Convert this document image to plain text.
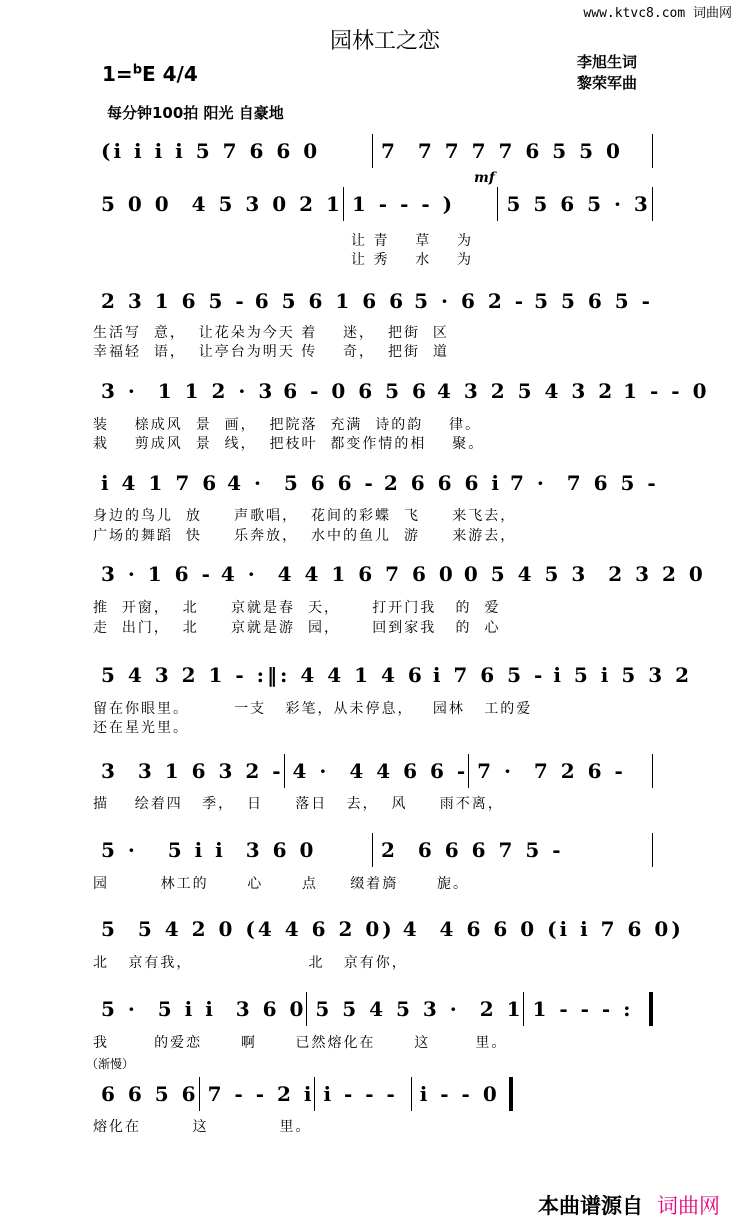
www.ktvc8.com 词曲网
园林工之恋
李旭生词
黎荣军曲
1=$^b$E 4/4
每分钟100拍 阳光 自豪地
mf
（渐慢）
(i i i i 5 7 6 6 0	7  7 7 7 7 6 5 5 0
5 0 0  4 5 3 0 2 1 1 - - - )	5 5 6 5 · 3
让 青    草    为
让 秀    水    为
2 3 1 6 5 - 6 5 6 1 6 6 5 · 6 2 - 5 5 6 5 -
生活写  意，  让花朵为今天 着    迷，  把街  区
幸福轻  语，  让亭台为明天 传    奇，  把街  道
3 ·  1 1 2 · 3 6 - 0 6 5 6 4 3 2 5 4 3 2 1 - - 0
装    榇成风  景  画，  把院落  充满  诗的韵    律。
栽    剪成风  景  线，  把枝叶  都变作情的相    聚。
i 4 1 7 6 4 ·  5 6 6 - 2 6 6 6 i 7 ·  7 6 5 -
身边的鸟儿  放     声歌唱，  花间的彩蝶  飞     来飞去，
广场的舞蹈  快     乐奔放，  水中的鱼儿  游     来游去，
3 · 1 6 - 4 ·  4 4 1 6 7 6 0 0 5 4 5 3  2 3 2 0
推  开窗，  北     京就是春  天，     打开门我   的  爱
走  出门，  北     京就是游  园，     回到家我   的  心
5 4 3 2 1 - :‖: 4 4 1 4 6 i 7 6 5 - i 5 i 5 3 2
留在你眼里。       一支   彩笔，从未停息，   园林   工的爱
还在星光里。
3  3 1 6 3 2 - 4 ·  4 4 6 6 - 7 ·  7 2 6 -
描    绘着四   季，  日     落日   去，  风     雨不离，
5 ·   5 i i  3 6 0	2  6 6 6 7 5 -
园        林工的      心      点     缀着旖      旎。
5  5 4 2 0 (4 4 6 2 0) 4  4 6 6 0 (i i 7 6 0)
北   京有我，                  北   京有你，
5 ·  5 i i  3 6 0 5 5 4 5 3 ·  2 1 1 - - - :
我       的爱恋      啊      已然熔化在      这       里。
6 6 5 6 7 - - 2 i i - - -	i - - 0
熔化在        这           里。
本曲谱源自 词曲网
